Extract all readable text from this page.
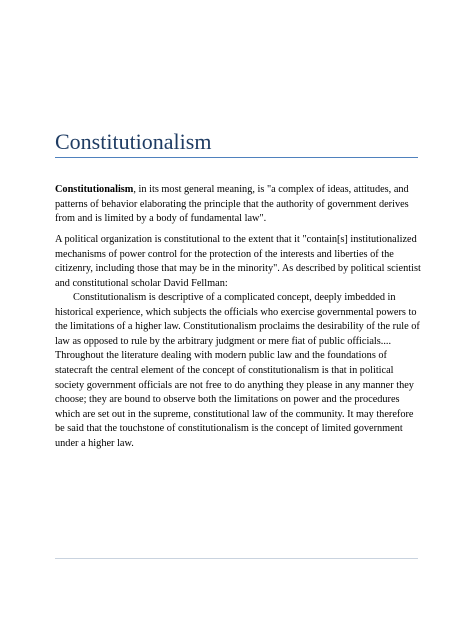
Constitutionalism

Constitutionalism, in its most general meaning, is "a complex of ideas, attitudes, and patterns of behavior elaborating the principle that the authority of government derives from and is limited by a body of fundamental law".

A political organization is constitutional to the extent that it "contain[s] institutionalized mechanisms of power control for the protection of the interests and liberties of the citizenry, including those that may be in the minority". As described by political scientist and constitutional scholar David Fellman:

Constitutionalism is descriptive of a complicated concept, deeply imbedded in historical experience, which subjects the officials who exercise governmental powers to the limitations of a higher law. Constitutionalism proclaims the desirability of the rule of law as opposed to rule by the arbitrary judgment or mere fiat of public officials.... Throughout the literature dealing with modern public law and the foundations of statecraft the central element of the concept of constitutionalism is that in political society government officials are not free to do anything they please in any manner they choose; they are bound to observe both the limitations on power and the procedures which are set out in the supreme, constitutional law of the community. It may therefore be said that the touchstone of constitutionalism is the concept of limited government under a higher law.
